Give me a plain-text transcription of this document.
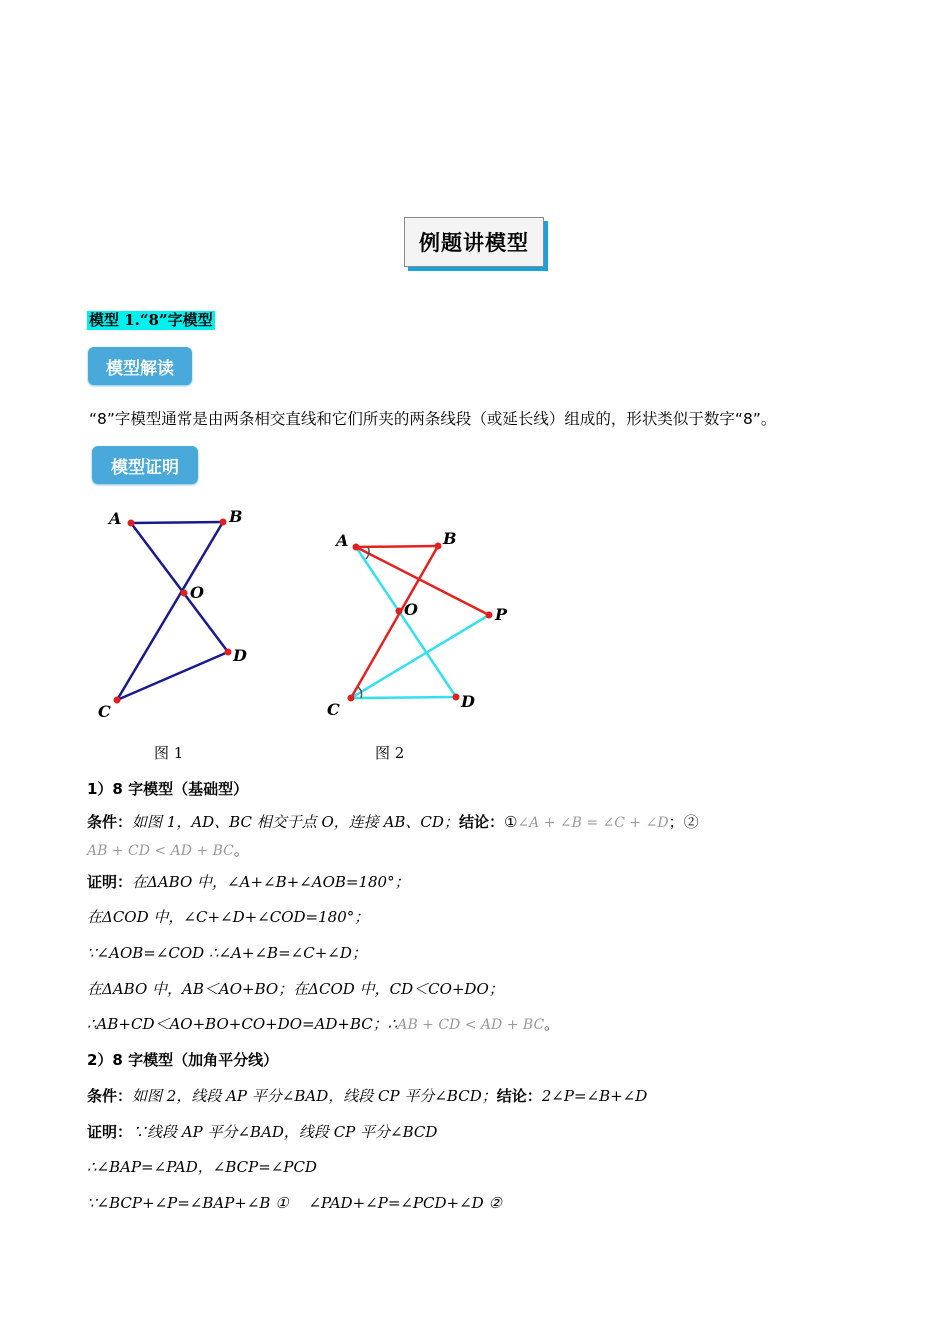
例题讲模型
模型 1.“8”字模型
模型解读
“8”字模型通常是由两条相交直线和它们所夹的两条线段（或延长线）组成的，形状类似于数字“8”。
模型证明
A	B
O
D
C
A	B
O	P
C	D
图 1	图 2
1）8 字模型（基础型）
条件：如图 1，AD、BC 相交于点 O，连接 AB、CD；结论：①∠A + ∠B = ∠C + ∠D；②
AB + CD < AD + BC。
证明：在ΔABO 中，∠A+∠B+∠AOB=180°；
在ΔCOD 中，∠C+∠D+∠COD=180°；
∵∠AOB=∠COD ∴∠A+∠B=∠C+∠D；
在ΔABO 中，AB＜AO+BO；在ΔCOD 中，CD＜CO+DO；
∴AB+CD＜AO+BO+CO+DO=AD+BC；∴AB + CD < AD + BC。
2）8 字模型（加角平分线）
条件：如图 2，线段 AP 平分∠BAD，线段 CP 平分∠BCD；结论：2∠P=∠B+∠D
证明：∵线段 AP 平分∠BAD，线段 CP 平分∠BCD
∴∠BAP=∠PAD，∠BCP=∠PCD
∵∠BCP+∠P=∠BAP+∠B ①　 ∠PAD+∠P=∠PCD+∠D ②
